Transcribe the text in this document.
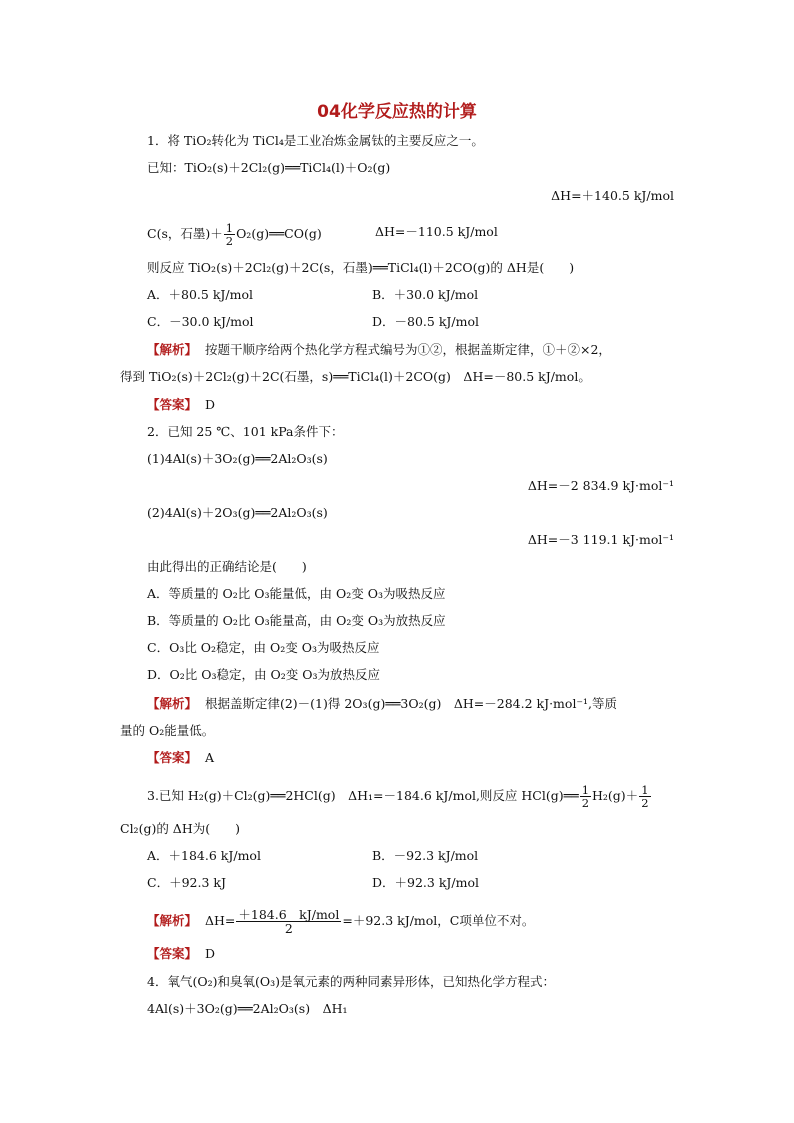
04化学反应热的计算
1．将 TiO₂转化为 TiCl₄是工业冶炼金属钛的主要反应之一。
已知：TiO₂(s)＋2Cl₂(g)══TiCl₄(l)＋O₂(g)
ΔH=＋140.5 kJ/mol
C(s，石墨)＋ $\frac{1}{2}$ O₂(g)══CO(g)	ΔH=－110.5 kJ/mol
则反应 TiO₂(s)＋2Cl₂(g)＋2C(s，石墨)══TiCl₄(l)＋2CO(g)的 ΔH是(　　)
A．＋80.5 kJ/mol	B．＋30.0 kJ/mol
C．－30.0 kJ/mol	D．－80.5 kJ/mol
【解析】 按题干顺序给两个热化学方程式编号为①②，根据盖斯定律，①＋②×2，
得到 TiO₂(s)＋2Cl₂(g)＋2C(石墨，s)══TiCl₄(l)＋2CO(g)　ΔH=－80.5 kJ/mol。
【答案】 D
2．已知 25 ℃、101 kPa条件下：
(1)4Al(s)＋3O₂(g)══2Al₂O₃(s)
ΔH=－2 834.9 kJ·mol⁻¹
(2)4Al(s)＋2O₃(g)══2Al₂O₃(s)
ΔH=－3 119.1 kJ·mol⁻¹
由此得出的正确结论是(　　)
A．等质量的 O₂比 O₃能量低，由 O₂变 O₃为吸热反应
B．等质量的 O₂比 O₃能量高，由 O₂变 O₃为放热反应
C．O₃比 O₂稳定，由 O₂变 O₃为吸热反应
D．O₂比 O₃稳定，由 O₂变 O₃为放热反应
【解析】 根据盖斯定律(2)－(1)得 2O₃(g)══3O₂(g)　ΔH=－284.2 kJ·mol⁻¹,等质
量的 O₂能量低。
【答案】 A
3.已知 H₂(g)＋Cl₂(g)══2HCl(g)　ΔH₁=－184.6 kJ/mol,则反应 HCl(g)══ $\frac{1}{2} H_2(g)+ \frac{1}{2}$
Cl₂(g)的 ΔH为(　　)
A．＋184.6 kJ/mol	B．－92.3 kJ/mol
C．＋92.3 kJ	D．＋92.3 kJ/mol
【解析】 $\Delta H= \frac{\text{＋184.6　kJ/mol}}{2} =+92.3$ kJ/mol，C项单位不对。
【答案】 D
4．氧气(O₂)和臭氧(O₃)是氧元素的两种同素异形体，已知热化学方程式：
4Al(s)＋3O₂(g)══2Al₂O₃(s)　ΔH₁
